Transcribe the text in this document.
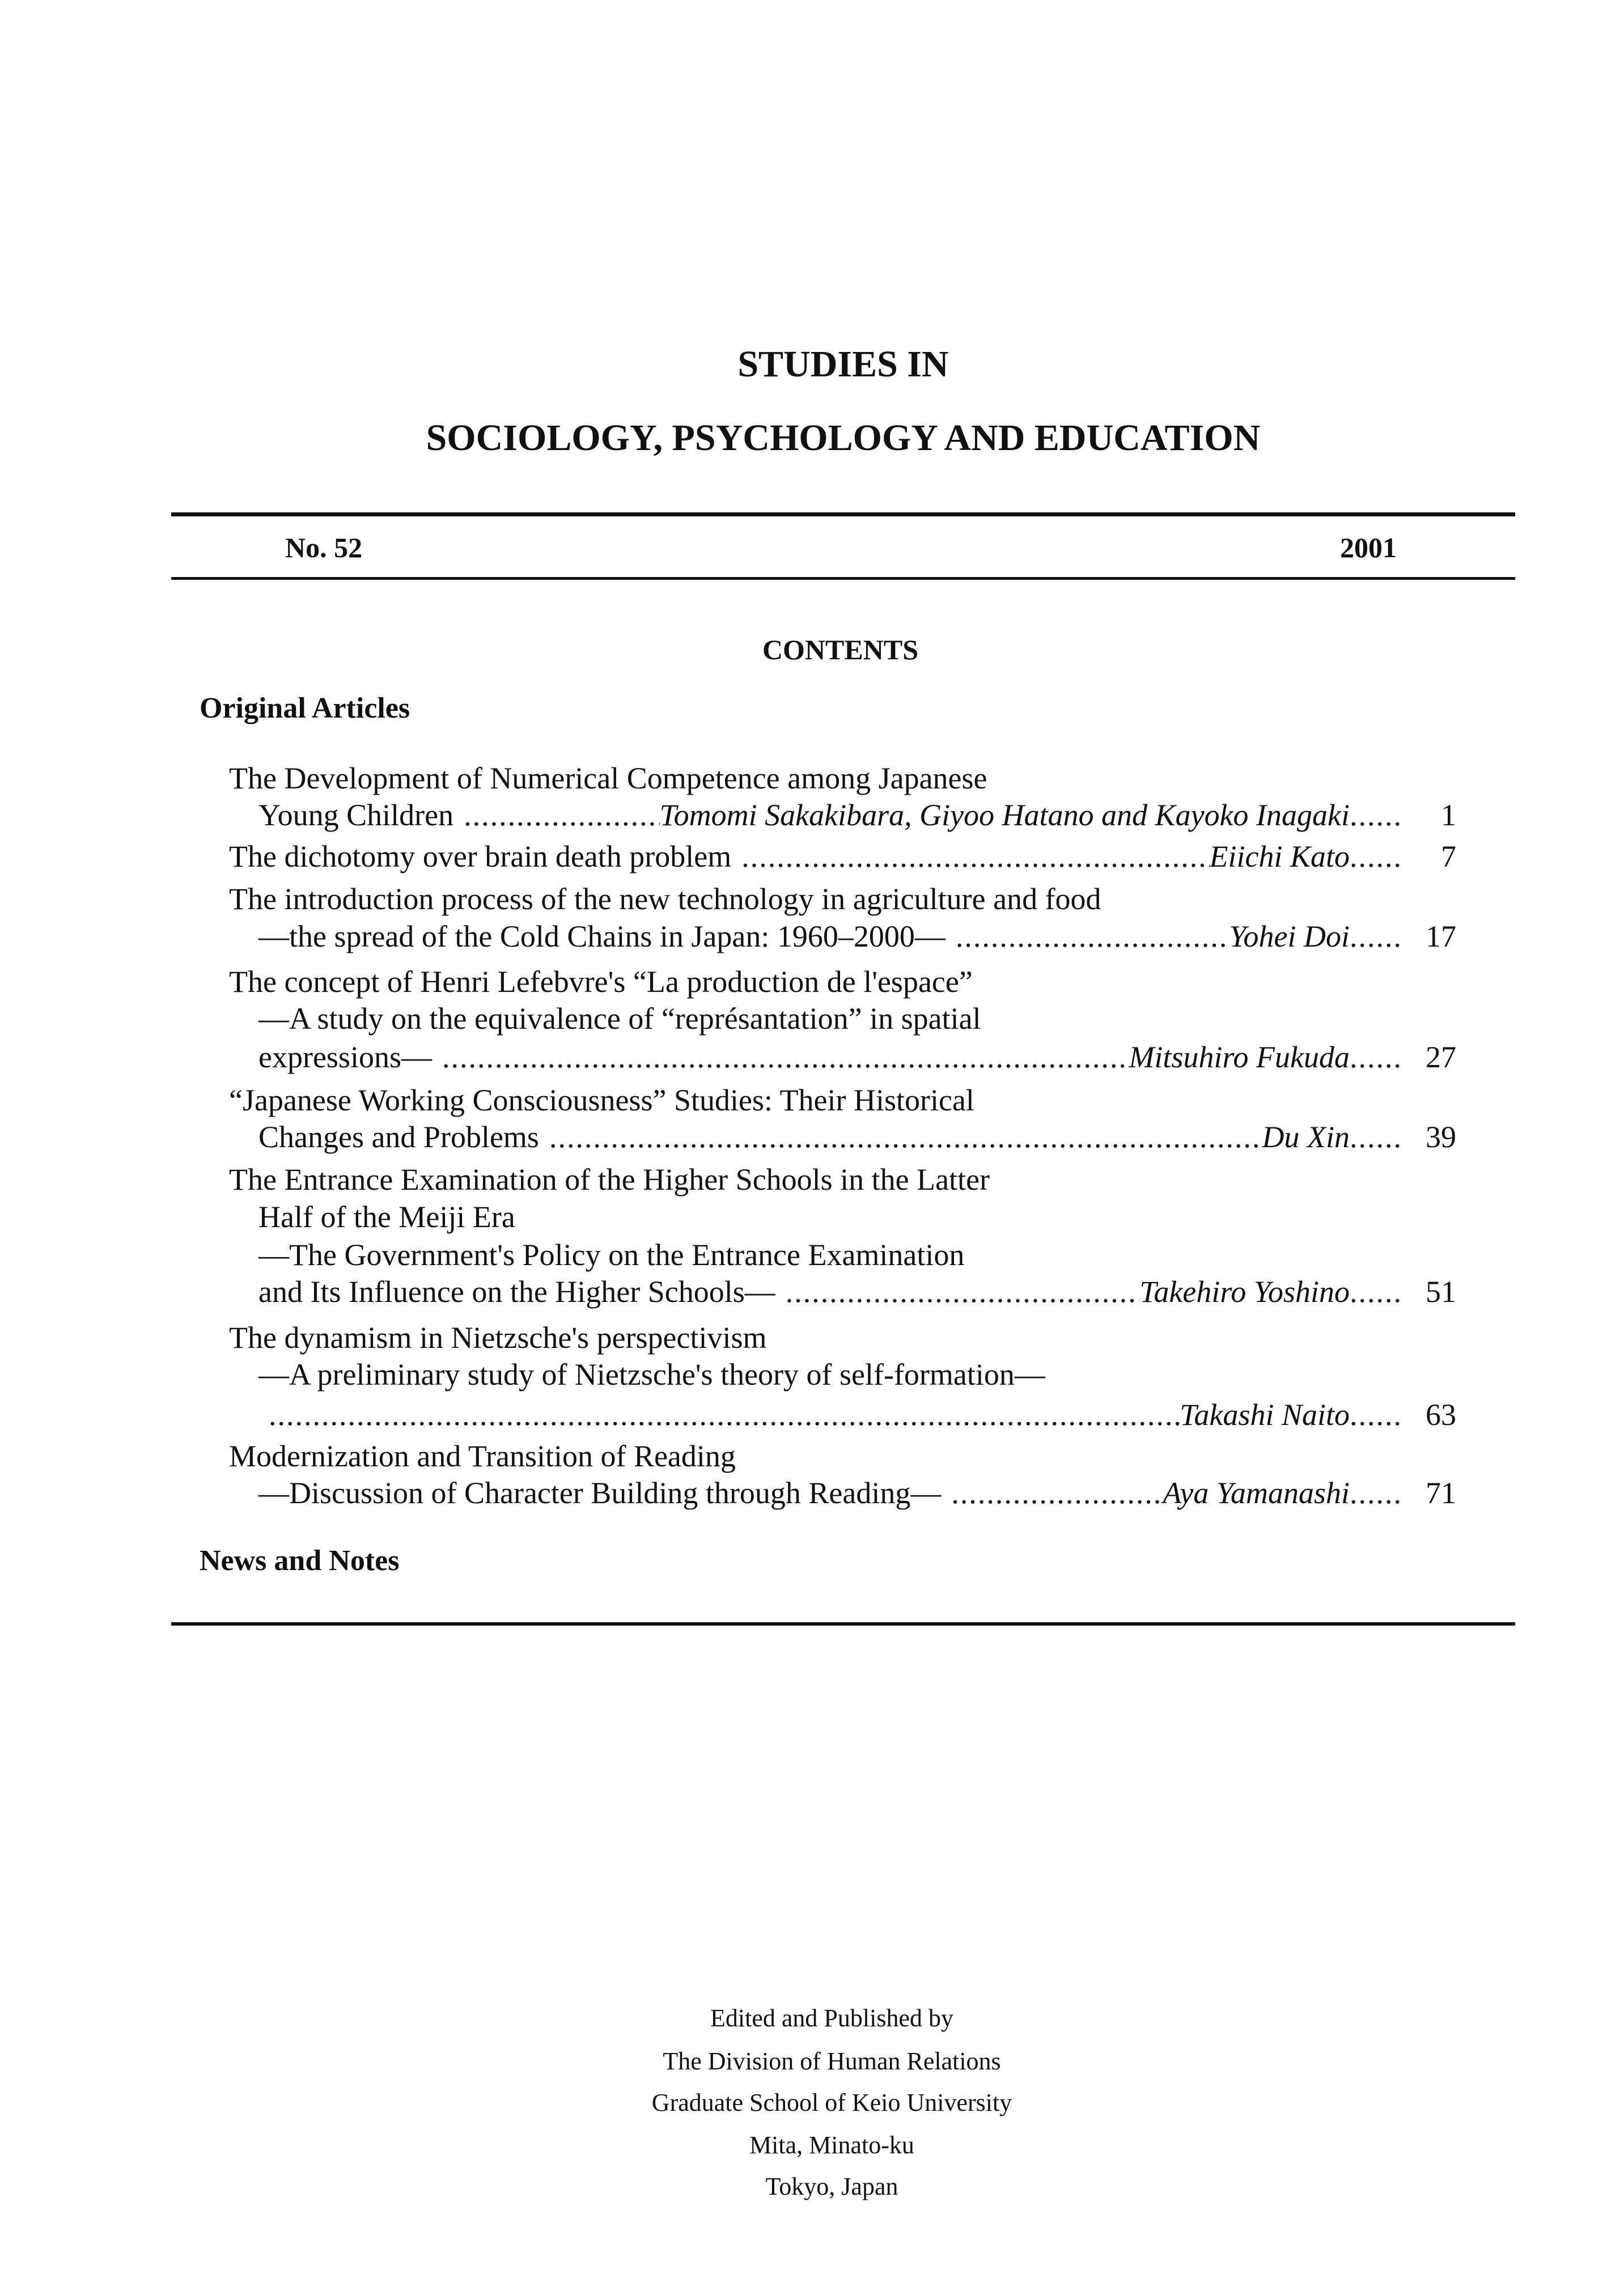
STUDIES IN
SOCIOLOGY, PSYCHOLOGY AND EDUCATION
No. 52	2001
CONTENTS
Original Articles
The Development of Numerical Competence among Japanese
Young Children .....	Tomomi Sakakibara, Giyoo Hatano and Kayoko Inagaki ......	1
The dichotomy over brain death problem .....	Eiichi Kato ......	7
The introduction process of the new technology in agriculture and food
—the spread of the Cold Chains in Japan: 1960–2000— .....	Yohei Doi ...... 17
The concept of Henri Lefebvre's “La production de l'espace”
—A study on the equivalence of “représantation” in spatial
expressions— .....	Mitsuhiro Fukuda ...... 27
“Japanese Working Consciousness” Studies: Their Historical
Changes and Problems .....	Du Xin ...... 39
The Entrance Examination of the Higher Schools in the Latter
Half of the Meiji Era
—The Government's Policy on the Entrance Examination
and Its Influence on the Higher Schools— .....	Takehiro Yoshino ...... 51
The dynamism in Nietzsche's perspectivism
—A preliminary study of Nietzsche's theory of self-formation—
.....
Takashi Naito ...... 63
Modernization and Transition of Reading
—Discussion of Character Building through Reading— .....	Aya Yamanashi ...... 71
News and Notes
Edited and Published by
The Division of Human Relations
Graduate School of Keio University
Mita, Minato-ku
Tokyo, Japan
